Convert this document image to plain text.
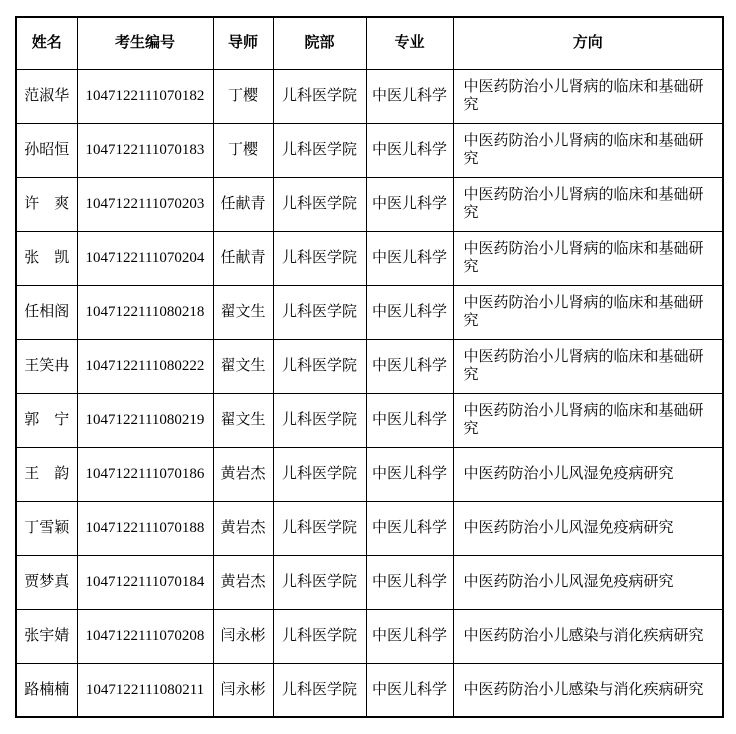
姓名	考生编号	导师	院部	专业	方向
范淑华	1047122111070182	丁樱	儿科医学院	中医儿科学	中医药防治小儿肾病的临床和基础研究
孙昭恒	1047122111070183	丁樱	儿科医学院	中医儿科学	中医药防治小儿肾病的临床和基础研究
许　爽	1047122111070203	任献青	儿科医学院	中医儿科学	中医药防治小儿肾病的临床和基础研究
张　凯	1047122111070204	任献青	儿科医学院	中医儿科学	中医药防治小儿肾病的临床和基础研究
任相阁	1047122111080218	翟文生	儿科医学院	中医儿科学	中医药防治小儿肾病的临床和基础研究
王笑冉	1047122111080222	翟文生	儿科医学院	中医儿科学	中医药防治小儿肾病的临床和基础研究
郭　宁	1047122111080219	翟文生	儿科医学院	中医儿科学	中医药防治小儿肾病的临床和基础研究
王　韵	1047122111070186	黄岩杰	儿科医学院	中医儿科学	中医药防治小儿风湿免疫病研究
丁雪颖	1047122111070188	黄岩杰	儿科医学院	中医儿科学	中医药防治小儿风湿免疫病研究
贾梦真	1047122111070184	黄岩杰	儿科医学院	中医儿科学	中医药防治小儿风湿免疫病研究
张宇婧	1047122111070208	闫永彬	儿科医学院	中医儿科学	中医药防治小儿感染与消化疾病研究
路楠楠	1047122111080211	闫永彬	儿科医学院	中医儿科学	中医药防治小儿感染与消化疾病研究
